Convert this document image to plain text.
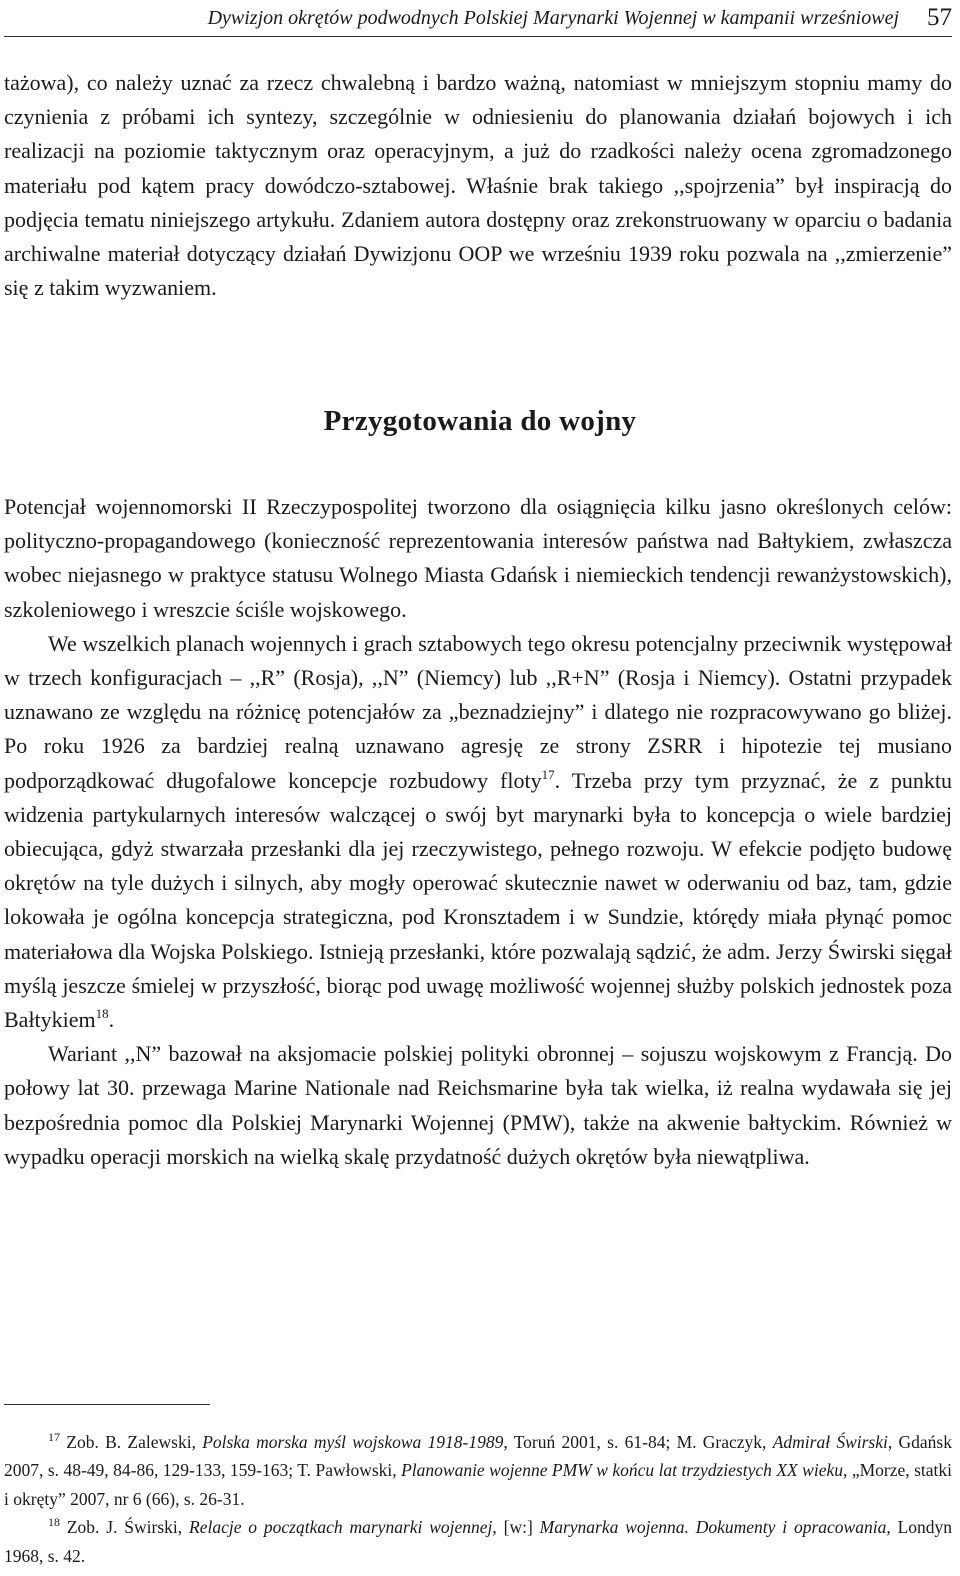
Dywizjon okrętów podwodnych Polskiej Marynarki Wojennej w kampanii wrześniowej 57

tażowa), co należy uznać za rzecz chwalebną i bardzo ważną, natomiast w mniejszym stopniu mamy do czynienia z próbami ich syntezy, szczególnie w odniesieniu do planowania działań bojowych i ich realizacji na poziomie taktycznym oraz operacyjnym, a już do rzadkości należy ocena zgromadzonego materiału pod kątem pracy dowódczo-sztabowej. Właśnie brak takiego ,,spojrzenia” był inspiracją do podjęcia tematu niniejszego artykułu. Zdaniem autora dostępny oraz zrekonstruowany w oparciu o badania archiwalne materiał dotyczący działań Dywizjonu OOP we wrześniu 1939 roku pozwala na ,,zmierzenie” się z takim wyzwaniem.

Przygotowania do wojny

Potencjał wojennomorski II Rzeczypospolitej tworzono dla osiągnięcia kilku jasno określonych celów: polityczno-propagandowego (konieczność reprezentowania interesów państwa nad Bałtykiem, zwłaszcza wobec niejasnego w praktyce statusu Wolnego Miasta Gdańsk i niemieckich tendencji rewanżystowskich), szkoleniowego i wreszcie ściśle wojskowego.

We wszelkich planach wojennych i grach sztabowych tego okresu potencjalny przeciwnik występował w trzech konfiguracjach – ,,R” (Rosja), ,,N” (Niemcy) lub ,,R+N” (Rosja i Niemcy). Ostatni przypadek uznawano ze względu na różnicę potencjałów za „beznadziejny” i dlatego nie rozpracowywano go bliżej. Po roku 1926 za bardziej realną uznawano agresję ze strony ZSRR i hipotezie tej musiano podporządkować długofalowe koncepcje rozbudowy floty$^{17}$. Trzeba przy tym przyznać, że z punktu widzenia partykularnych interesów walczącej o swój byt marynarki była to koncepcja o wiele bardziej obiecująca, gdyż stwarzała przesłanki dla jej rzeczywistego, pełnego rozwoju. W efekcie podjęto budowę okrętów na tyle dużych i silnych, aby mogły operować skutecznie nawet w oderwaniu od baz, tam, gdzie lokowała je ogólna koncepcja strategiczna, pod Kronsztadem i w Sundzie, którędy miała płynąć pomoc materiałowa dla Wojska Polskiego. Istnieją przesłanki, które pozwalają sądzić, że adm. Jerzy Świrski sięgał myślą jeszcze śmielej w przyszłość, biorąc pod uwagę możliwość wojennej służby polskich jednostek poza Bałtykiem$^{18}$.

Wariant ,,N” bazował na aksjomacie polskiej polityki obronnej – sojuszu wojskowym z Francją. Do połowy lat 30. przewaga Marine Nationale nad Reichsmarine była tak wielka, iż realna wydawała się jej bezpośrednia pomoc dla Polskiej Marynarki Wojennej (PMW), także na akwenie bałtyckim. Również w wypadku operacji morskich na wielką skalę przydatność dużych okrętów była niewątpliwa.

$^{17}$ Zob. B. Zalewski, Polska morska myśl wojskowa 1918-1989, Toruń 2001, s. 61-84; M. Graczyk, Admirał Świrski, Gdańsk 2007, s. 48-49, 84-86, 129-133, 159-163; T. Pawłowski, Planowanie wojenne PMW w końcu lat trzydziestych XX wieku, „Morze, statki i okręty” 2007, nr 6 (66), s. 26-31.

$^{18}$ Zob. J. Świrski, Relacje o początkach marynarki wojennej, [w:] Marynarka wojenna. Dokumenty i opracowania, Londyn 1968, s. 42.
